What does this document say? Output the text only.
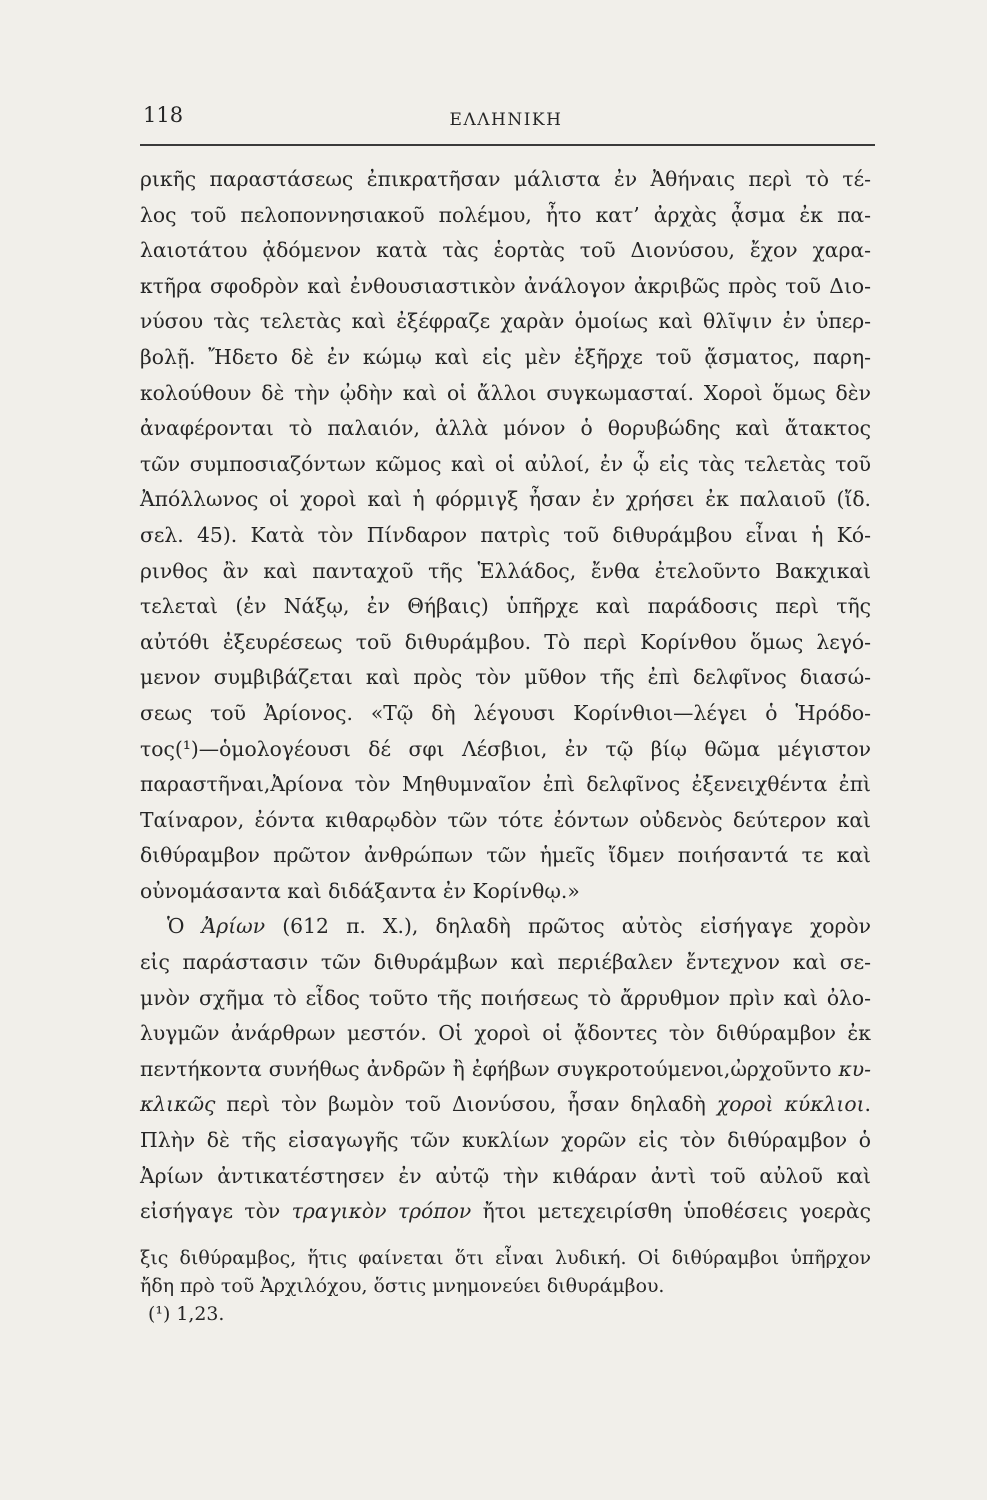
118	ΕΛΛΗΝΙΚΗ
ρικῆς παραστάσεως ἐπικρατῆσαν μάλιστα ἐν Ἀθήναις περὶ τὸ τέ-
λος τοῦ πελοποννησιακοῦ πολέμου, ἦτο κατ’ ἀρχὰς ᾆσμα ἐκ πα-
λαιοτάτου ᾀδόμενον κατὰ τὰς ἑορτὰς τοῦ Διονύσου, ἔχον χαρα-
κτῆρα σφοδρὸν καὶ ἐνθουσιαστικὸν ἀνάλογον ἀκριβῶς πρὸς τοῦ Διο-
νύσου τὰς τελετὰς καὶ ἐξέφραζε χαρὰν ὁμοίως καὶ θλῖψιν ἐν ὑπερ-
βολῇ. Ἤδετο δὲ ἐν κώμῳ καὶ εἰς μὲν ἐξῆρχε τοῦ ᾄσματος, παρη-
κολούθουν δὲ τὴν ᾠδὴν καὶ οἱ ἄλλοι συγκωμασταί. Χοροὶ ὅμως δὲν
ἀναφέρονται τὸ παλαιόν, ἀλλὰ μόνον ὁ θορυβώδης καὶ ἄτακτος
τῶν συμποσιαζόντων κῶμος καὶ οἱ αὐλοί, ἐν ᾧ εἰς τὰς τελετὰς τοῦ
Ἀπόλλωνος οἱ χοροὶ καὶ ἡ φόρμιγξ ἦσαν ἐν χρήσει ἐκ παλαιοῦ (ἴδ.
σελ. 45). Κατὰ τὸν Πίνδαρον πατρὶς τοῦ διθυράμβου εἶναι ἡ Κό-
ρινθος ἂν καὶ πανταχοῦ τῆς Ἑλλάδος, ἔνθα ἐτελοῦντο Βακχικαὶ
τελεταὶ (ἐν Νάξῳ, ἐν Θήβαις) ὑπῆρχε καὶ παράδοσις περὶ τῆς
αὐτόθι ἐξευρέσεως τοῦ διθυράμβου. Τὸ περὶ Κορίνθου ὅμως λεγό-
μενον συμβιβάζεται καὶ πρὸς τὸν μῦθον τῆς ἐπὶ δελφῖνος διασώ-
σεως τοῦ Ἀρίονος. «Τῷ δὴ λέγουσι Κορίνθιοι—λέγει ὁ Ἡρόδο-
τος(¹)—ὁμολογέουσι δέ σφι Λέσβιοι, ἐν τῷ βίῳ θῶμα μέγιστον
παραστῆναι,Ἀρίονα τὸν Μηθυμναῖον ἐπὶ δελφῖνος ἐξενειχθέντα ἐπὶ
Ταίναρον, ἐόντα κιθαρῳδὸν τῶν τότε ἐόντων οὐδενὸς δεύτερον καὶ
διθύραμβον πρῶτον ἀνθρώπων τῶν ἡμεῖς ἴδμεν ποιήσαντά τε καὶ
οὐνομάσαντα καὶ διδάξαντα ἐν Κορίνθῳ.»
Ὁ Ἀρίων (612 π. Χ.), δηλαδὴ πρῶτος αὐτὸς εἰσήγαγε χορὸν
εἰς παράστασιν τῶν διθυράμβων καὶ περιέβαλεν ἔντεχνον καὶ σε-
μνὸν σχῆμα τὸ εἶδος τοῦτο τῆς ποιήσεως τὸ ἄρρυθμον πρὶν καὶ ὀλο-
λυγμῶν ἀνάρθρων μεστόν. Οἱ χοροὶ οἱ ᾄδοντες τὸν διθύραμβον ἐκ
πεντήκοντα συνήθως ἀνδρῶν ἢ ἐφήβων συγκροτούμενοι,ὠρχοῦντο κυ-
κλικῶς περὶ τὸν βωμὸν τοῦ Διονύσου, ἦσαν δηλαδὴ χοροὶ κύκλιοι.
Πλὴν δὲ τῆς εἰσαγωγῆς τῶν κυκλίων χορῶν εἰς τὸν διθύραμβον ὁ
Ἀρίων ἀντικατέστησεν ἐν αὐτῷ τὴν κιθάραν ἀντὶ τοῦ αὐλοῦ καὶ
εἰσήγαγε τὸν τραγικὸν τρόπον ἤτοι μετεχειρίσθη ὑποθέσεις γοερὰς
ξις διθύραμβος, ἥτις φαίνεται ὅτι εἶναι λυδική. Οἱ διθύραμβοι ὑπῆρχον
ἤδη πρὸ τοῦ Ἀρχιλόχου, ὅστις μνημονεύει διθυράμβου.
(¹) 1,23.
